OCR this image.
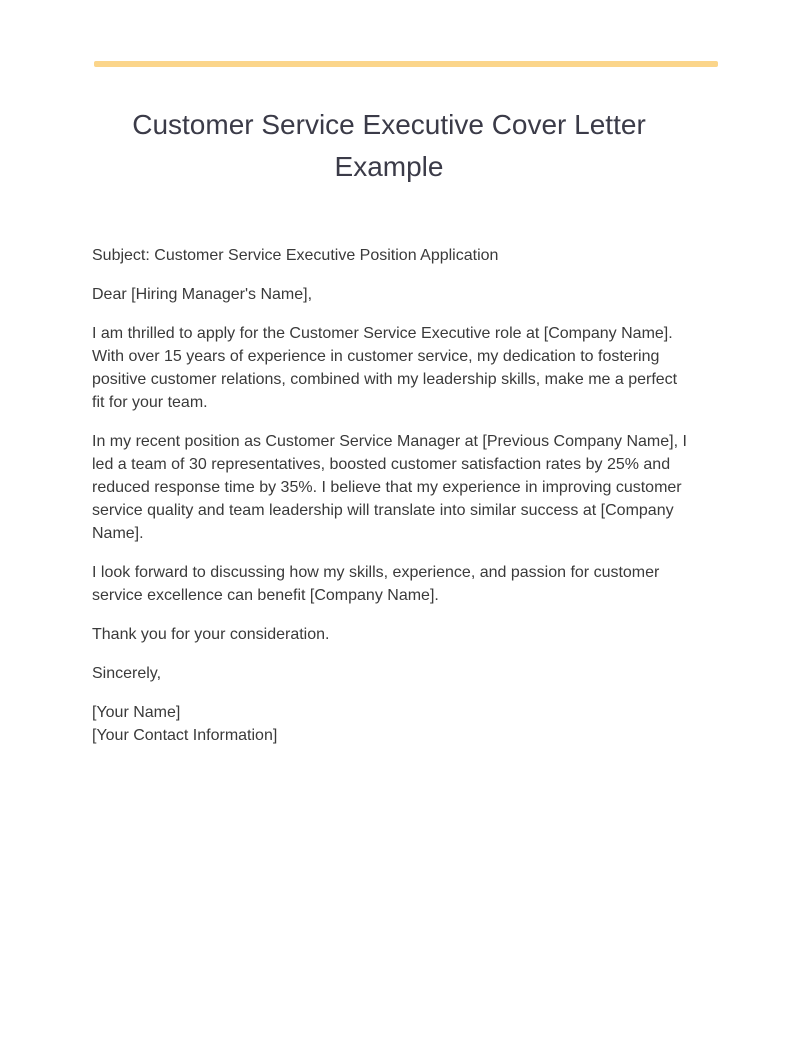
Customer Service Executive Cover Letter Example

Subject: Customer Service Executive Position Application

Dear [Hiring Manager's Name],

I am thrilled to apply for the Customer Service Executive role at [Company Name]. With over 15 years of experience in customer service, my dedication to fostering positive customer relations, combined with my leadership skills, make me a perfect fit for your team.

In my recent position as Customer Service Manager at [Previous Company Name], I led a team of 30 representatives, boosted customer satisfaction rates by 25% and reduced response time by 35%. I believe that my experience in improving customer service quality and team leadership will translate into similar success at [Company Name].

I look forward to discussing how my skills, experience, and passion for customer service excellence can benefit [Company Name].

Thank you for your consideration.

Sincerely,

[Your Name]
[Your Contact Information]
